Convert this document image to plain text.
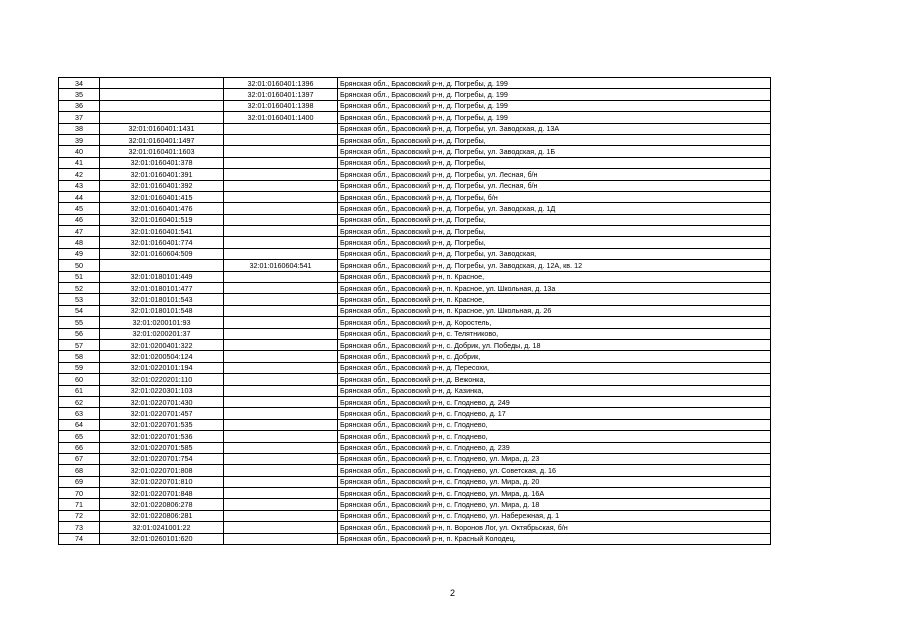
34		32:01:0160401:1396	Брянская обл., Брасовский р-н, д. Погребы, д. 199
35		32:01:0160401:1397	Брянская обл., Брасовский р-н, д. Погребы, д. 199
36		32:01:0160401:1398	Брянская обл., Брасовский р-н, д. Погребы, д. 199
37		32:01:0160401:1400	Брянская обл., Брасовский р-н, д. Погребы, д. 199
38	32:01:0160401:1431		Брянская обл., Брасовский р-н, д. Погребы, ул. Заводская, д. 13А
39	32:01:0160401:1497		Брянская обл., Брасовский р-н, д. Погребы,
40	32:01:0160401:1603		Брянская обл., Брасовский р-н, д. Погребы, ул. Заводская, д. 1Б
41	32:01:0160401:378		Брянская обл., Брасовский р-н, д. Погребы,
42	32:01:0160401:391		Брянская обл., Брасовский р-н, д. Погребы, ул. Лесная, б/н
43	32:01:0160401:392		Брянская обл., Брасовский р-н, д. Погребы, ул. Лесная, б/н
44	32:01:0160401:415		Брянская обл., Брасовский р-н, д. Погребы, б/н
45	32:01:0160401:476		Брянская обл., Брасовский р-н, д. Погребы, ул. Заводская, д. 1Д
46	32:01:0160401:519		Брянская обл., Брасовский р-н, д. Погребы,
47	32:01:0160401:541		Брянская обл., Брасовский р-н, д. Погребы,
48	32:01:0160401:774		Брянская обл., Брасовский р-н, д. Погребы,
49	32:01:0160604:509		Брянская обл., Брасовский р-н, д. Погребы, ул. Заводская,
50		32:01:0160604:541	Брянская обл., Брасовский р-н, д. Погребы, ул. Заводская, д. 12А, кв. 12
51	32:01:0180101:449		Брянская обл., Брасовский р-н, п. Красное,
52	32:01:0180101:477		Брянская обл., Брасовский р-н, п. Красное, ул. Школьная, д. 13а
53	32:01:0180101:543		Брянская обл., Брасовский р-н, п. Красное,
54	32:01:0180101:548		Брянская обл., Брасовский р-н, п. Красное, ул. Школьная, д. 26
55	32:01:0200101:93		Брянская обл., Брасовский р-н, д. Коростель,
56	32:01:0200201:37		Брянская обл., Брасовский р-н, с. Телятниково,
57	32:01:0200401:322		Брянская обл., Брасовский р-н, с. Добрик, ул. Победы, д. 18
58	32:01:0200504:124		Брянская обл., Брасовский р-н, с. Добрик,
59	32:01:0220101:194		Брянская обл., Брасовский р-н, д. Пересохи,
60	32:01:0220201:110		Брянская обл., Брасовский р-н, д. Вежонка,
61	32:01:0220301:103		Брянская обл., Брасовский р-н, д. Казинка,
62	32:01:0220701:430		Брянская обл., Брасовский р-н, с. Глоднево, д. 249
63	32:01:0220701:457		Брянская обл., Брасовский р-н, с. Глоднево, д. 17
64	32:01:0220701:535		Брянская обл., Брасовский р-н, с. Глоднево,
65	32:01:0220701:536		Брянская обл., Брасовский р-н, с. Глоднево,
66	32:01:0220701:585		Брянская обл., Брасовский р-н, с. Глоднево, д. 239
67	32:01:0220701:754		Брянская обл., Брасовский р-н, с. Глоднево, ул. Мира, д. 23
68	32:01:0220701:808		Брянская обл., Брасовский р-н, с. Глоднево, ул. Советская, д. 16
69	32:01:0220701:810		Брянская обл., Брасовский р-н, с. Глоднево, ул. Мира, д. 20
70	32:01:0220701:848		Брянская обл., Брасовский р-н, с. Глоднево, ул. Мира, д. 16А
71	32:01:0220806:278		Брянская обл., Брасовский р-н, с. Глоднево, ул. Мира, д. 18
72	32:01:0220806:281		Брянская обл., Брасовский р-н, с. Глоднево, ул. Набережная, д. 1
73	32:01:0241001:22		Брянская обл., Брасовский р-н, п. Воронов Лог, ул. Октябрьская, б/н
74	32:01:0260101:620		Брянская обл., Брасовский р-н, п. Красный Колодец,
2
